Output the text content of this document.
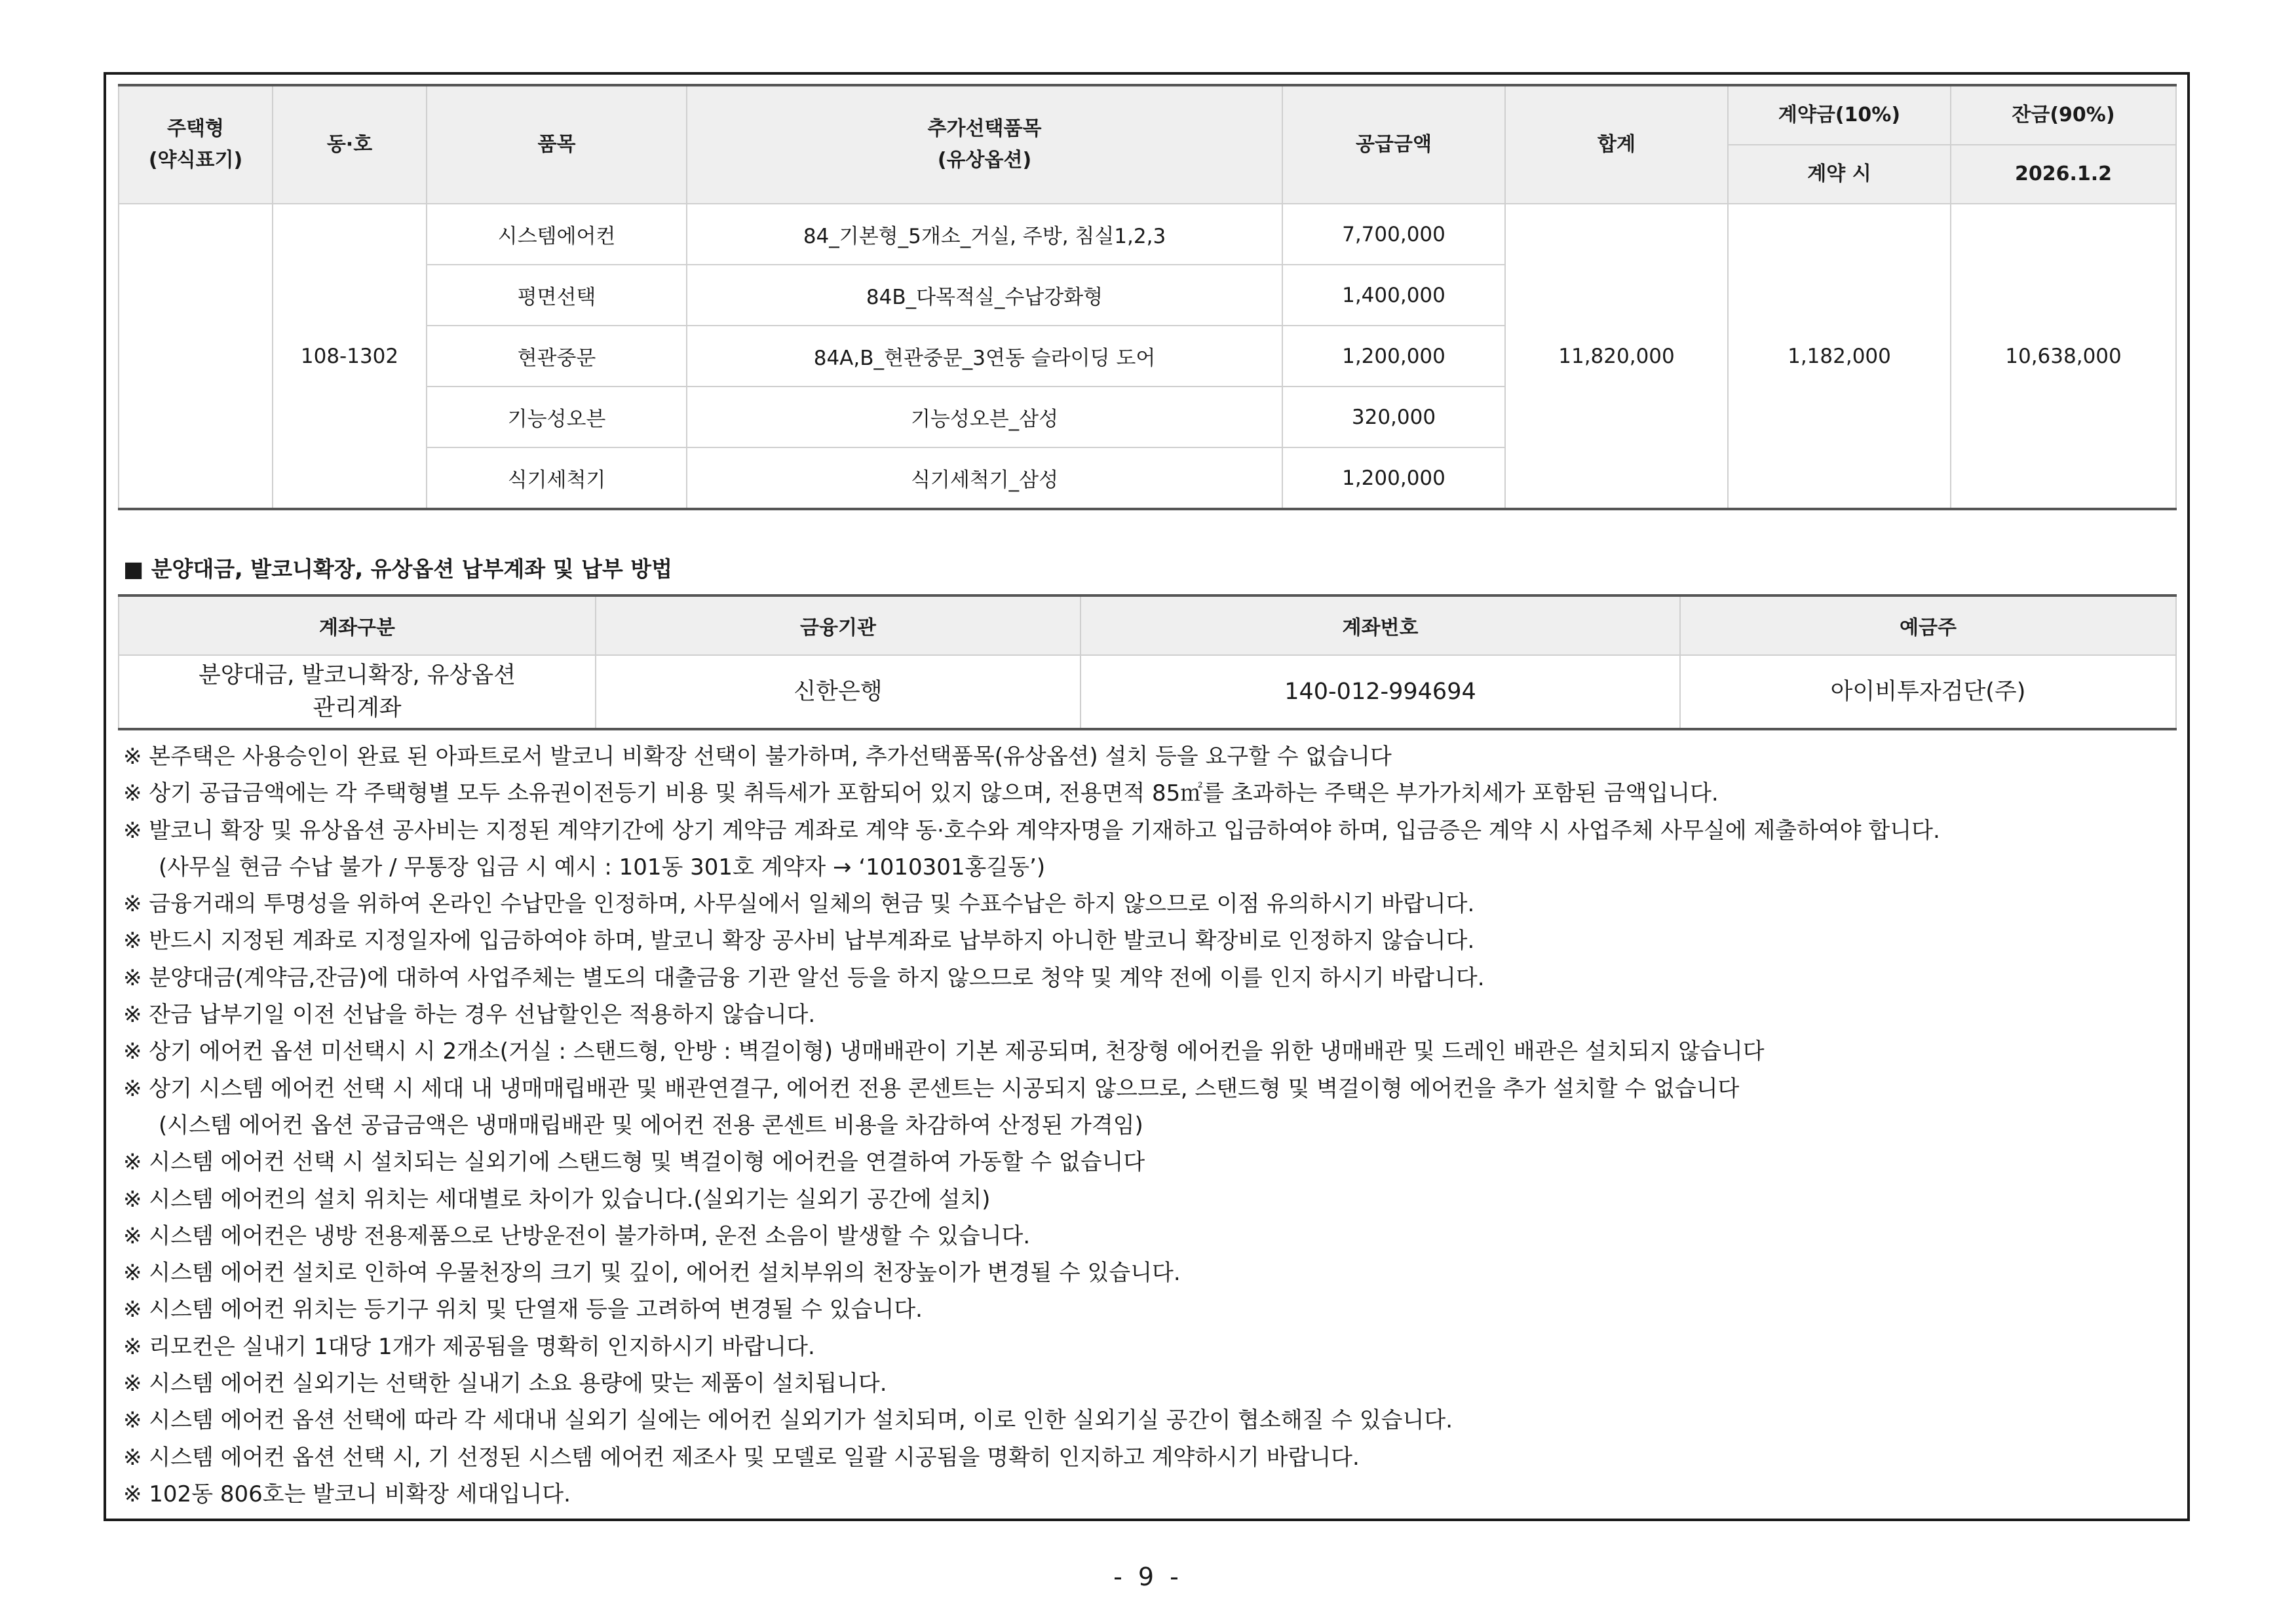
주택형
(약식표기)	동·호	품목	추가선택품목
(유상옵션)	공급금액	합계	계약금(10%)	잔금(90%)
						계약 시	2026.1.2
	108-1302	시스템에어컨	84_기본형_5개소_거실, 주방, 침실1,2,3	7,700,000	11,820,000	1,182,000	10,638,000
		평면선택	84B_다목적실_수납강화형	1,400,000			
		현관중문	84A,B_현관중문_3연동 슬라이딩 도어	1,200,000			
		기능성오븐	기능성오븐_삼성	320,000			
		식기세척기	식기세척기_삼성	1,200,000			
■ 분양대금, 발코니확장, 유상옵션 납부계좌 및 납부 방법
계좌구분	금융기관	계좌번호	예금주
분양대금, 발코니확장, 유상옵션
관리계좌	신한은행	140-012-994694	아이비투자검단(주)
※ 본주택은 사용승인이 완료 된 아파트로서 발코니 비확장 선택이 불가하며, 추가선택품목(유상옵션) 설치 등을 요구할 수 없습니다
※ 상기 공급금액에는 각 주택형별 모두 소유권이전등기 비용 및 취득세가 포함되어 있지 않으며, 전용면적 85㎡를 초과하는 주택은 부가가치세가 포함된 금액입니다.
※ 발코니 확장 및 유상옵션 공사비는 지정된 계약기간에 상기 계약금 계좌로 계약 동·호수와 계약자명을 기재하고 입금하여야 하며, 입금증은 계약 시 사업주체 사무실에 제출하여야 합니다.
(사무실 현금 수납 불가 / 무통장 입금 시 예시 : 101동 301호 계약자 → ‘1010301홍길동’)
※ 금융거래의 투명성을 위하여 온라인 수납만을 인정하며, 사무실에서 일체의 현금 및 수표수납은 하지 않으므로 이점 유의하시기 바랍니다.
※ 반드시 지정된 계좌로 지정일자에 입금하여야 하며, 발코니 확장 공사비 납부계좌로 납부하지 아니한 발코니 확장비로 인정하지 않습니다.
※ 분양대금(계약금,잔금)에 대하여 사업주체는 별도의 대출금융 기관 알선 등을 하지 않으므로 청약 및 계약 전에 이를 인지 하시기 바랍니다.
※ 잔금 납부기일 이전 선납을 하는 경우 선납할인은 적용하지 않습니다.
※ 상기 에어컨 옵션 미선택시 시 2개소(거실 : 스탠드형, 안방 : 벽걸이형) 냉매배관이 기본 제공되며, 천장형 에어컨을 위한 냉매배관 및 드레인 배관은 설치되지 않습니다
※ 상기 시스템 에어컨 선택 시 세대 내 냉매매립배관 및 배관연결구, 에어컨 전용 콘센트는 시공되지 않으므로, 스탠드형 및 벽걸이형 에어컨을 추가 설치할 수 없습니다
(시스템 에어컨 옵션 공급금액은 냉매매립배관 및 에어컨 전용 콘센트 비용을 차감하여 산정된 가격임)
※ 시스템 에어컨 선택 시 설치되는 실외기에 스탠드형 및 벽걸이형 에어컨을 연결하여 가동할 수 없습니다
※ 시스템 에어컨의 설치 위치는 세대별로 차이가 있습니다.(실외기는 실외기 공간에 설치)
※ 시스템 에어컨은 냉방 전용제품으로 난방운전이 불가하며, 운전 소음이 발생할 수 있습니다.
※ 시스템 에어컨 설치로 인하여 우물천장의 크기 및 깊이, 에어컨 설치부위의 천장높이가 변경될 수 있습니다.
※ 시스템 에어컨 위치는 등기구 위치 및 단열재 등을 고려하여 변경될 수 있습니다.
※ 리모컨은 실내기 1대당 1개가 제공됨을 명확히 인지하시기 바랍니다.
※ 시스템 에어컨 실외기는 선택한 실내기 소요 용량에 맞는 제품이 설치됩니다.
※ 시스템 에어컨 옵션 선택에 따라 각 세대내 실외기 실에는 에어컨 실외기가 설치되며, 이로 인한 실외기실 공간이 협소해질 수 있습니다.
※ 시스템 에어컨 옵션 선택 시, 기 선정된 시스템 에어컨 제조사 및 모델로 일괄 시공됨을 명확히 인지하고 계약하시기 바랍니다.
※ 102동 806호는 발코니 비확장 세대입니다.
- 9 -
